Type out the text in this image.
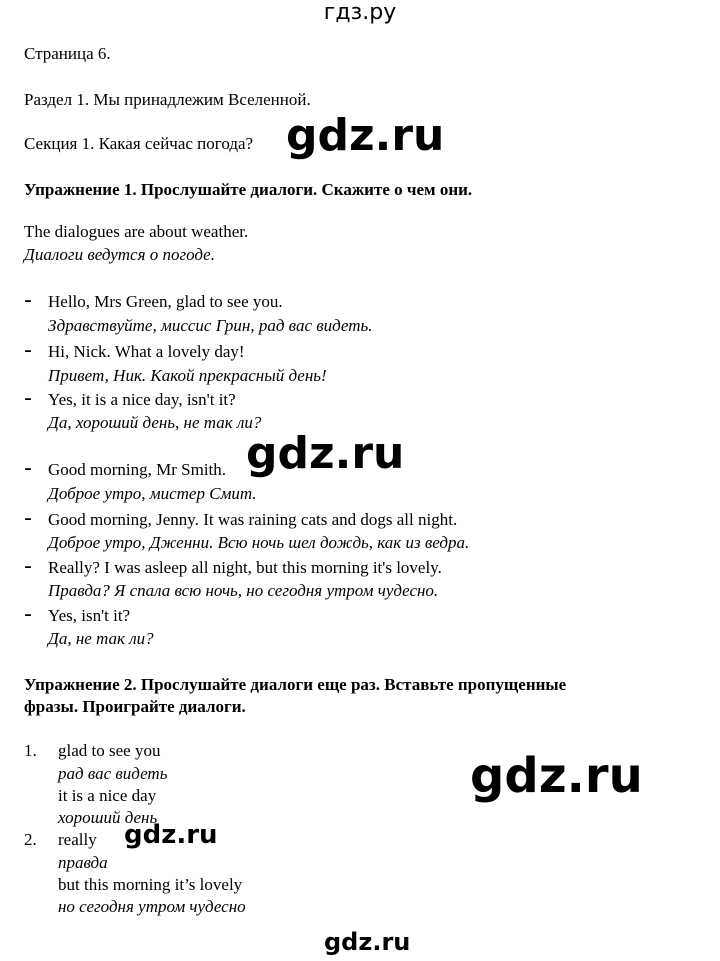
гдз.ру
Страница 6.
Раздел 1. Мы принадлежим Вселенной.
Секция 1. Какая сейчас погода?
Упражнение 1. Прослушайте диалоги. Скажите о чем они.
The dialogues are about weather.
Диалоги ведутся о погоде.
- Hello, Mrs Green, glad to see you.
Здравствуйте, миссис Грин, рад вас видеть.
- Hi, Nick. What a lovely day!
Привет, Ник. Какой прекрасный день!
- Yes, it is a nice day, isn't it?
Да, хороший день, не так ли?
- Good morning, Mr Smith.
Доброе утро, мистер Смит.
- Good morning, Jenny. It was raining cats and dogs all night.
Доброе утро, Дженни. Всю ночь шел дождь, как из ведра.
- Really? I was asleep all night, but this morning it's lovely.
Правда? Я спала всю ночь, но сегодня утром чудесно.
- Yes, isn't it?
Да, не так ли?
Упражнение 2. Прослушайте диалоги еще раз. Вставьте пропущенные
фразы. Проиграйте диалоги.
1. glad to see you
рад вас видеть
it is a nice day
хороший день
2. really
правда
but this morning it’s lovely
но сегодня утром чудесно
gdz.ru
gdz.ru
gdz.ru
gdz.ru
gdz.ru
